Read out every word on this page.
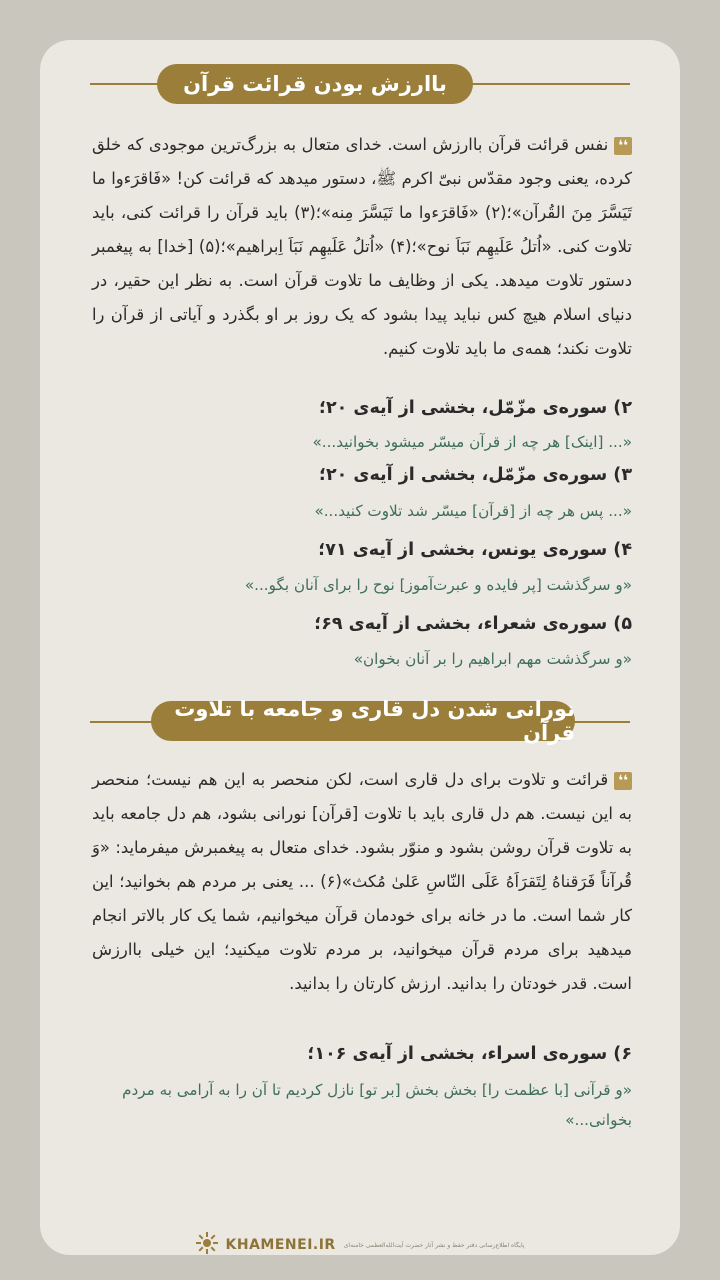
باارزش بودن قرائت قرآن
❛❛نفس قرائت قرآن باارزش است. خدای متعال به بزرگ‌ترین موجودی که خلق کرده، یعنی وجود مقدّس نبیّ اکرم ﷺ، دستور میدهد که قرائت کن! «فَاقرَءوا ما تَیَسَّرَ مِنَ القُرآن»؛(۲) «فَاقرَءوا ما تَیَسَّرَ مِنه»؛(۳) باید قرآن را قرائت کنی، باید تلاوت کنی. «اُتلُ عَلَیهِم نَبَاَ نوح»؛(۴) «اُتلُ عَلَیهِم نَبَاَ اِبراهیم»؛(۵) [خدا] به پیغمبر دستور تلاوت میدهد. یکی از وظایف ما تلاوت قرآن است. به نظر این حقیر، در دنیای اسلام هیچ کس نباید پیدا بشود که یک روز بر او بگذرد و آیاتی از قرآن را تلاوت نکند؛ همه‌ی ما باید تلاوت کنیم.
۲) سوره‌ی مزّمّل، بخشی از آیه‌ی ۲۰؛
«... [اینک] هر چه از قرآن میسّر میشود بخوانید...»
۳) سوره‌ی مزّمّل، بخشی از آیه‌ی ۲۰؛
«... پس هر چه از [قرآن] میسّر شد تلاوت کنید...»
۴) سوره‌ی یونس، بخشی از آیه‌ی ۷۱؛
«و سرگذشت [پر فایده و عبرت‌آموز] نوح را برای آنان بگو...»
۵) سوره‌ی شعراء، بخشی از آیه‌ی ۶۹؛
«و سرگذشت مهم ابراهیم را بر آنان بخوان»
نورانی شدن دل قاری و جامعه با تلاوت قرآن
❛❛قرائت و تلاوت برای دل قاری است، لکن منحصر به این هم نیست؛ منحصر به این نیست. هم دل قاری باید با تلاوت [قرآن] نورانی بشود، هم دل جامعه باید به تلاوت قرآن روشن بشود و منوّر بشود. خدای متعال به پیغمبرش میفرماید: «وَ قُرآناً فَرَقناهُ لِتَقرَاَهُ عَلَی النّاسِ عَلیٰ مُکث»(۶) ... یعنی بر مردم هم بخوانید؛ این کار شما است. ما در خانه برای خودمان قرآن میخوانیم، شما یک کار بالاتر انجام میدهید برای مردم قرآن میخوانید، بر مردم تلاوت میکنید؛ این خیلی باارزش است. قدر خودتان را بدانید. ارزش کارتان را بدانید.
۶) سوره‌ی اسراء، بخشی از آیه‌ی ۱۰۶؛
«و قرآنی [با عظمت را] بخش بخش [بر تو] نازل کردیم تا آن را به آرامی به مردم بخوانی...»
KHAMENEI.IR پایگاه اطلاع‌رسانی دفتر حفظ و نشر آثار حضرت آیت‌الله‌العظمی خامنه‌ای
